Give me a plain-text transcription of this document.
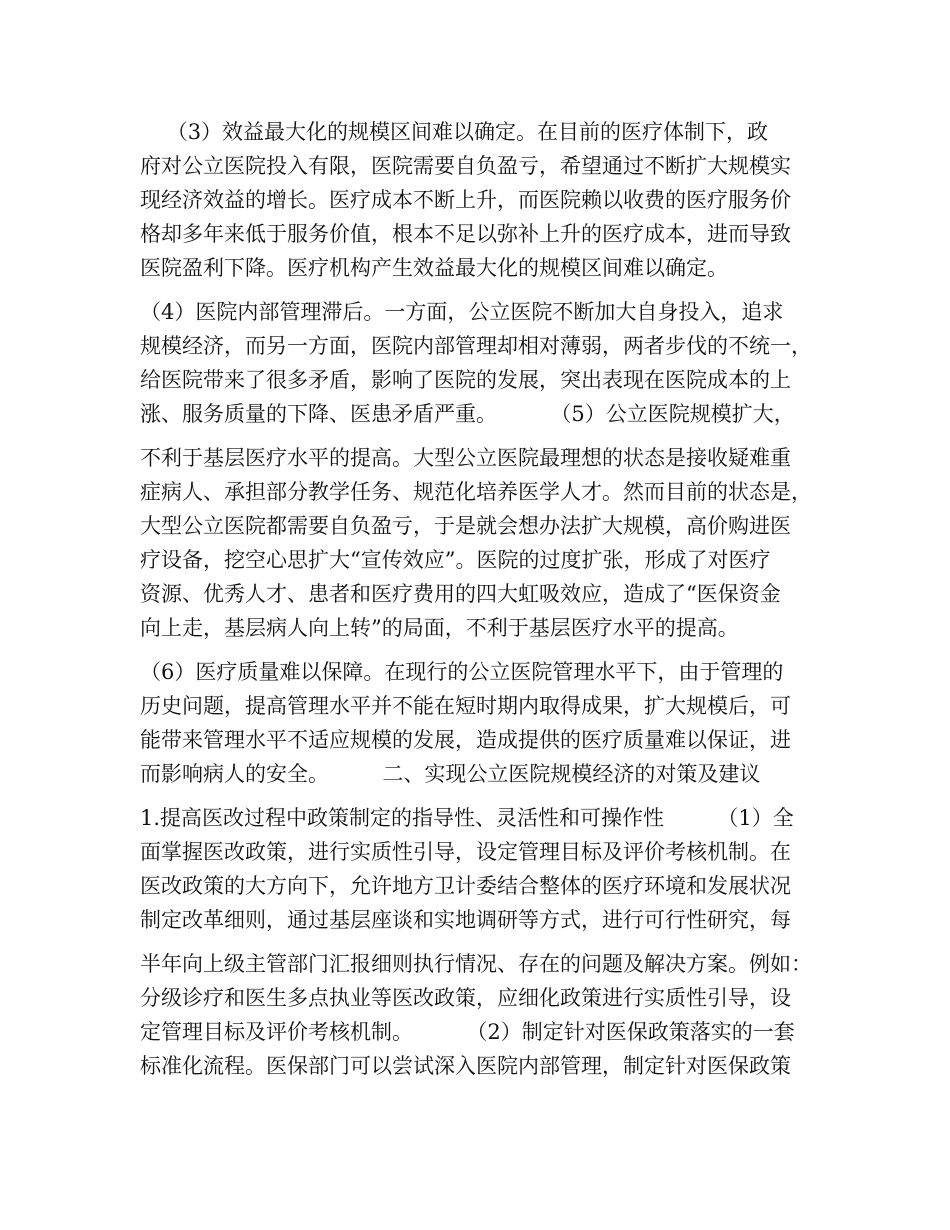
（3）效益最大化的规模区间难以确定。在目前的医疗体制下，政
府对公立医院投入有限，医院需要自负盈亏，希望通过不断扩大规模实
现经济效益的增长。医疗成本不断上升，而医院赖以收费的医疗服务价
格却多年来低于服务价值，根本不足以弥补上升的医疗成本，进而导致
医院盈利下降。医疗机构产生效益最大化的规模区间难以确定。
（4）医院内部管理滞后。一方面，公立医院不断加大自身投入，追求
规模经济，而另一方面，医院内部管理却相对薄弱，两者步伐的不统一，
给医院带来了很多矛盾，影响了医院的发展，突出表现在医院成本的上
涨、服务质量的下降、医患矛盾严重。        （5）公立医院规模扩大，
不利于基层医疗水平的提高。大型公立医院最理想的状态是接收疑难重
症病人、承担部分教学任务、规范化培养医学人才。然而目前的状态是，
大型公立医院都需要自负盈亏，于是就会想办法扩大规模，高价购进医
疗设备，挖空心思扩大“宣传效应”。医院的过度扩张，形成了对医疗
资源、优秀人才、患者和医疗费用的四大虹吸效应，造成了“医保资金
向上走，基层病人向上转”的局面，不利于基层医疗水平的提高。
（6）医疗质量难以保障。在现行的公立医院管理水平下，由于管理的
历史问题，提高管理水平并不能在短时期内取得成果，扩大规模后，可
能带来管理水平不适应规模的发展，造成提供的医疗质量难以保证，进
而影响病人的安全。        二、实现公立医院规模经济的对策及建议
1.提高医改过程中政策制定的指导性、灵活性和可操作性        （1）全
面掌握医改政策，进行实质性引导，设定管理目标及评价考核机制。在
医改政策的大方向下，允许地方卫计委结合整体的医疗环境和发展状况
制定改革细则，通过基层座谈和实地调研等方式，进行可行性研究，每
半年向上级主管部门汇报细则执行情况、存在的问题及解决方案。例如：
分级诊疗和医生多点执业等医改政策，应细化政策进行实质性引导，设
定管理目标及评价考核机制。        （2）制定针对医保政策落实的一套
标准化流程。医保部门可以尝试深入医院内部管理，制定针对医保政策
